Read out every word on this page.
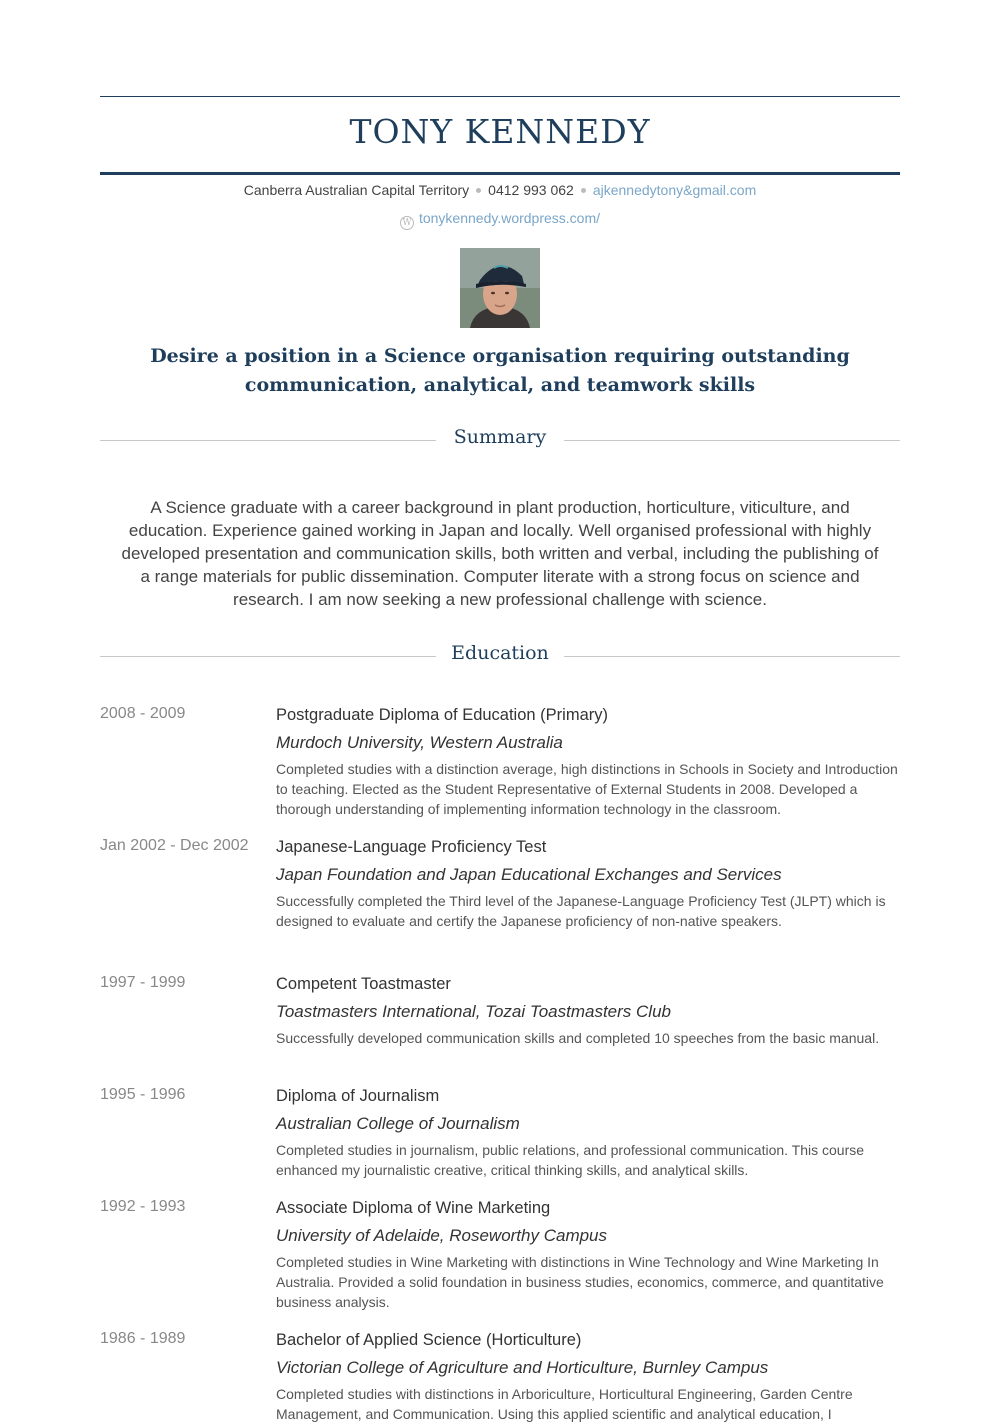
TONY KENNEDY
Canberra Australian Capital Territory 0412 993 062 ajkennedytony&gmail.com
W tonykennedy.wordpress.com/
Desire a position in a Science organisation requiring outstanding communication, analytical, and teamwork skills
Summary

A Science graduate with a career background in plant production, horticulture, viticulture, and education. Experience gained working in Japan and locally. Well organised professional with highly developed presentation and communication skills, both written and verbal, including the publishing of a range materials for public dissemination. Computer literate with a strong focus on science and research. I am now seeking a new professional challenge with science.

Education
2008 - 2009	Postgraduate Diploma of Education (Primary)
Murdoch University, Western Australia
Completed studies with a distinction average, high distinctions in Schools in Society and Introduction to teaching. Elected as the Student Representative of External Students in 2008. Developed a thorough understanding of implementing information technology in the classroom.
Jan 2002 - Dec 2002 Japanese-Language Proficiency Test
Japan Foundation and Japan Educational Exchanges and Services
Successfully completed the Third level of the Japanese-Language Proficiency Test (JLPT) which is designed to evaluate and certify the Japanese proficiency of non-native speakers.
1997 - 1999	Competent Toastmaster
Toastmasters International, Tozai Toastmasters Club
Successfully developed communication skills and completed 10 speeches from the basic manual.
1995 - 1996	Diploma of Journalism
Australian College of Journalism
Completed studies in journalism, public relations, and professional communication. This course enhanced my journalistic creative, critical thinking skills, and analytical skills.
1992 - 1993	Associate Diploma of Wine Marketing
University of Adelaide, Roseworthy Campus
Completed studies in Wine Marketing with distinctions in Wine Technology and Wine Marketing In Australia. Provided a solid foundation in business studies, economics, commerce, and quantitative business analysis.
1986 - 1989	Bachelor of Applied Science (Horticulture)
Victorian College of Agriculture and Horticulture, Burnley Campus
Completed studies with distinctions in Arboriculture, Horticultural Engineering, Garden Centre Management, and Communication. Using this applied scientific and analytical education, I
